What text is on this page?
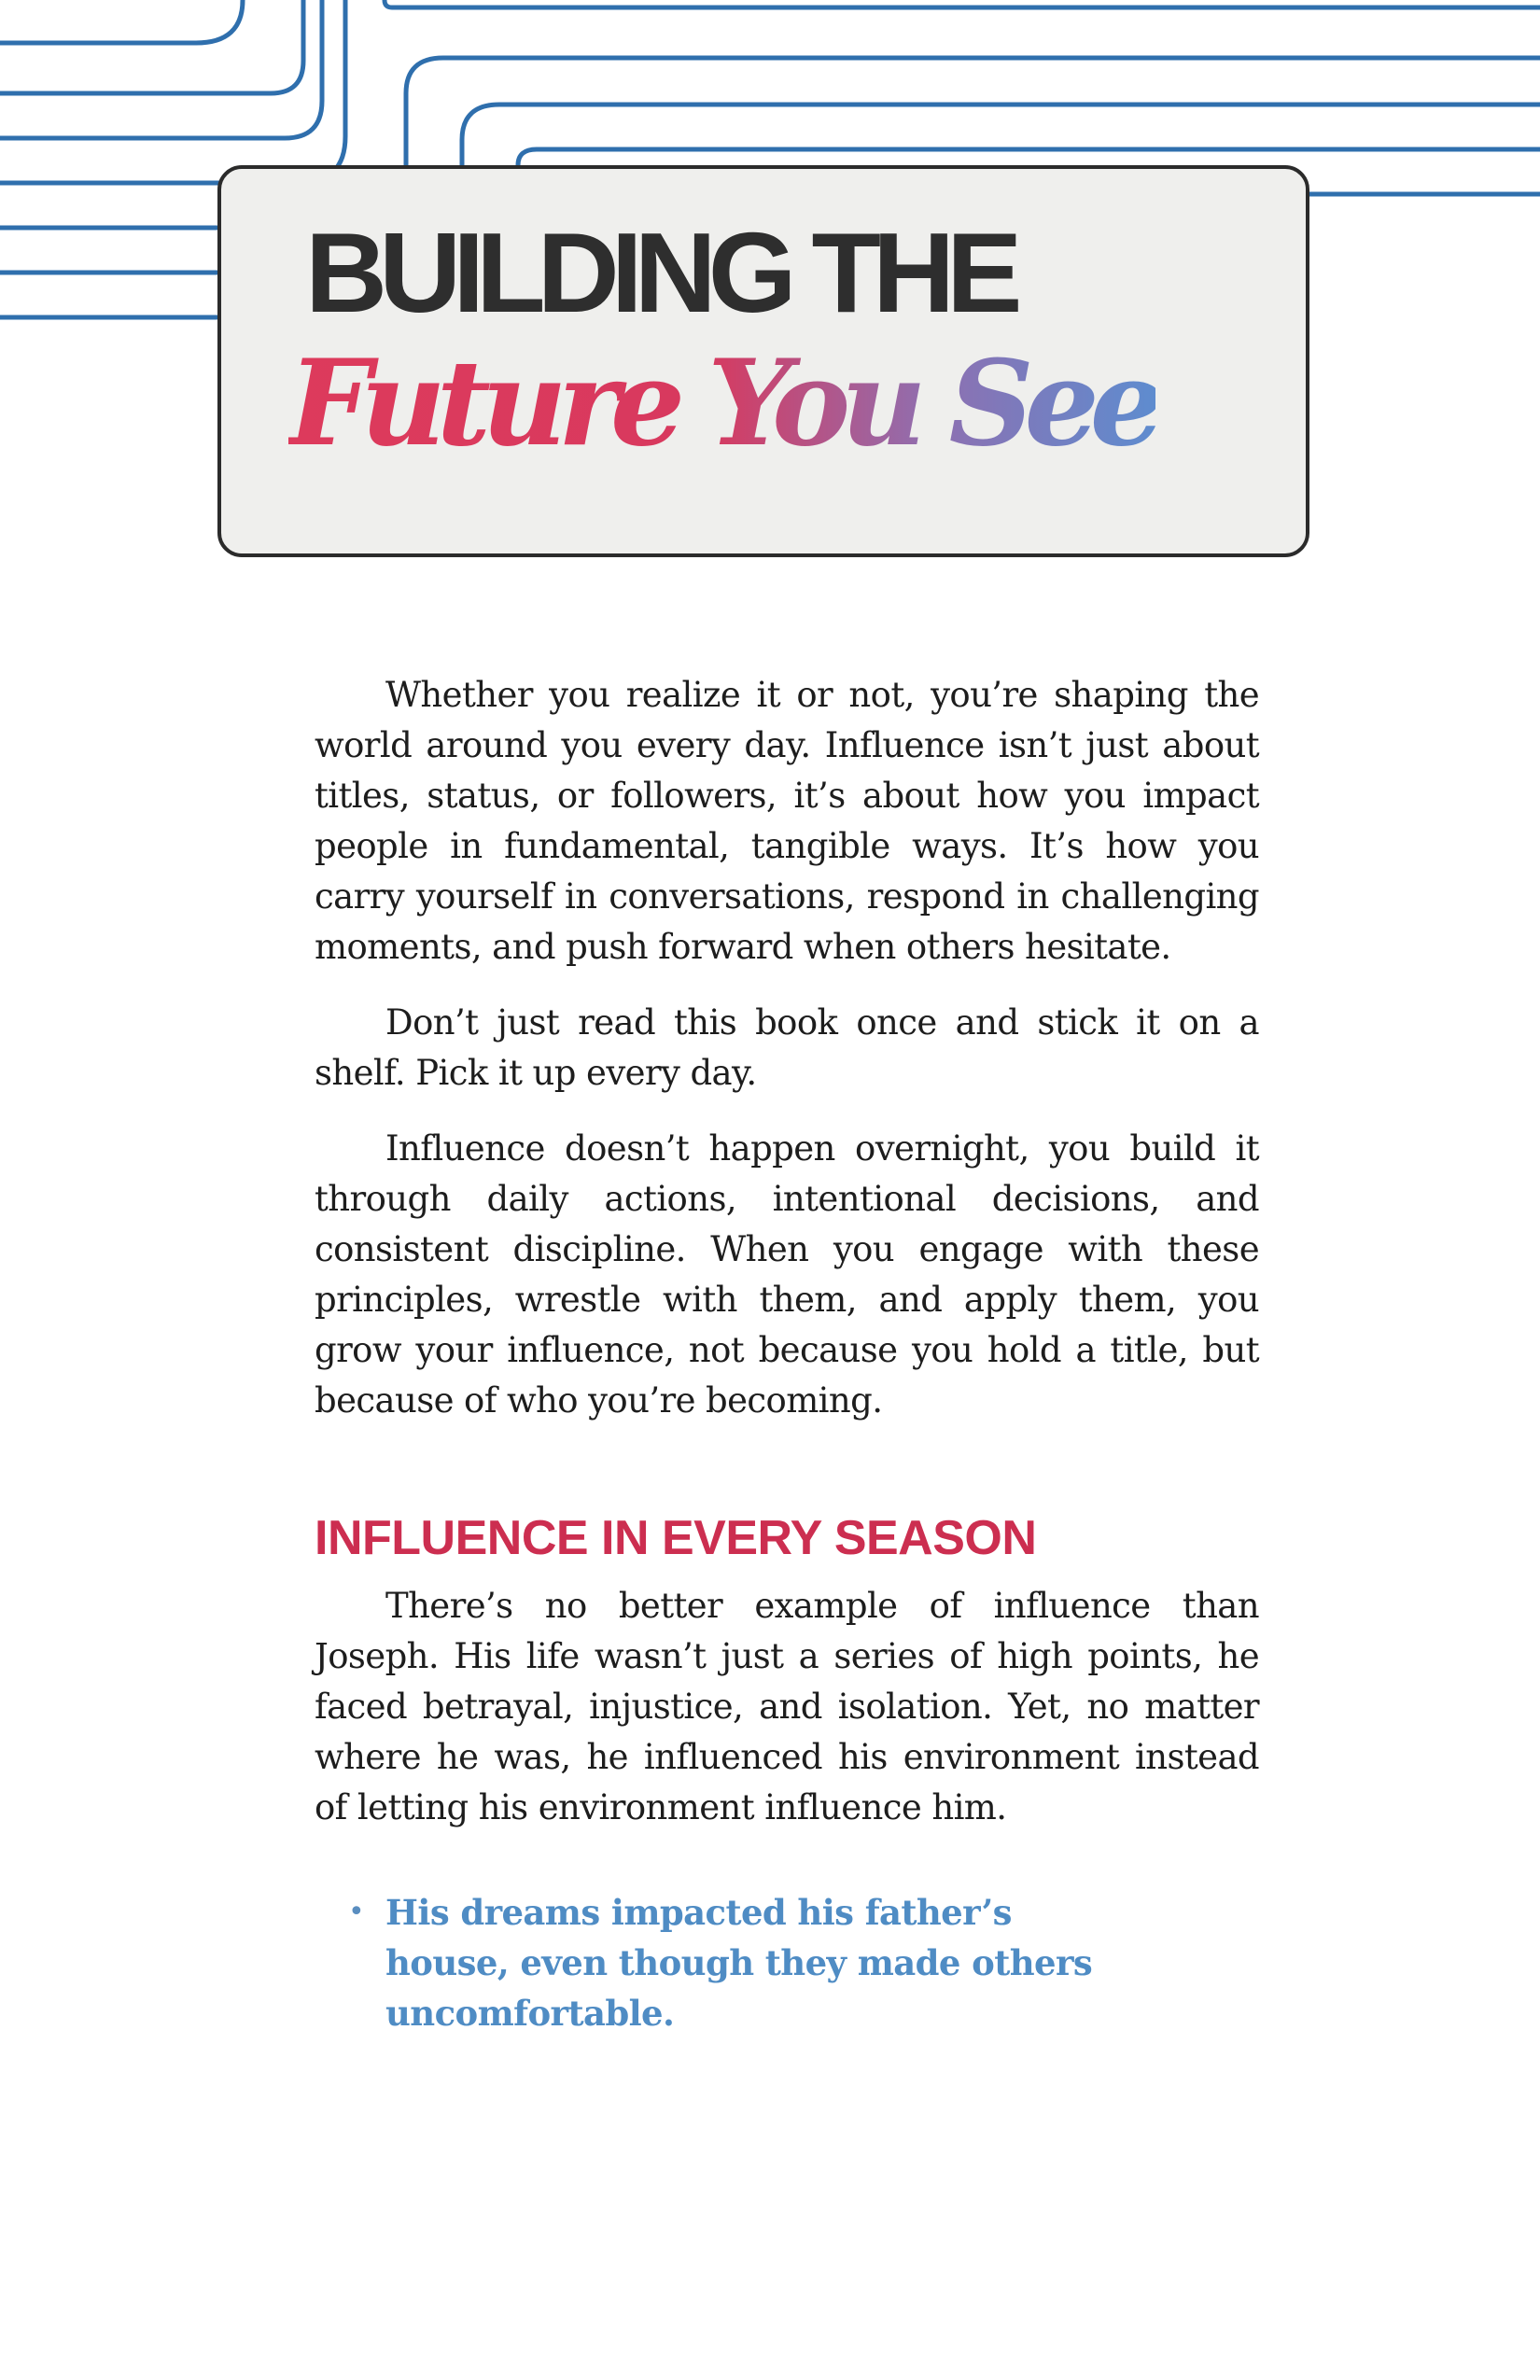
BUILDING THE
Future You See

Whether you realize it or not, you’re shaping the world around you every day. Influence isn’t just about titles, status, or followers, it’s about how you impact people in fundamental, tangible ways. It’s how you carry yourself in conversations, respond in challenging moments, and push forward when others hesitate.

Don’t just read this book once and stick it on a shelf. Pick it up every day.

Influence doesn’t happen overnight, you build it through daily actions, intentional decisions, and consistent discipline. When you engage with these principles, wrestle with them, and apply them, you grow your influence, not because you hold a title, but because of who you’re becoming.

INFLUENCE IN EVERY SEASON

There’s no better example of influence than Joseph. His life wasn’t just a series of high points, he faced betrayal, injustice, and isolation. Yet, no matter where he was, he influenced his environment instead of letting his environment influence him.

• His dreams impacted his father’s house, even though they made others uncomfortable.
